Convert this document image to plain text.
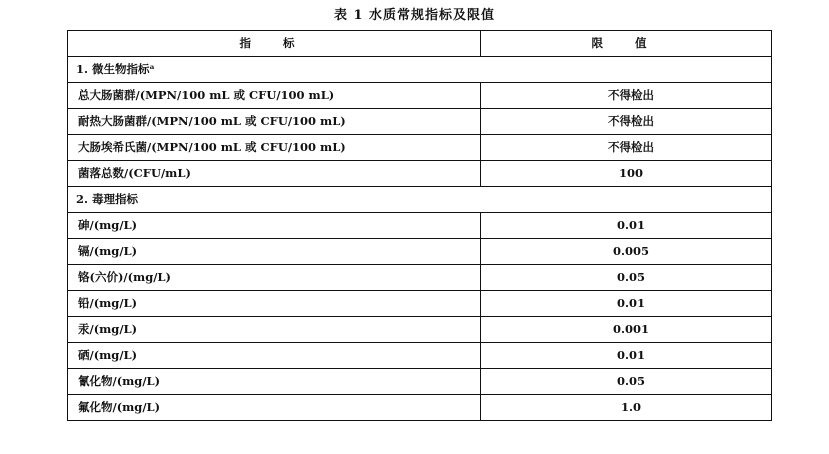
表 1 水质常规指标及限值
指 标	限 值
1. 微生物指标ᵃ	
总大肠菌群/(MPN/100 mL 或 CFU/100 mL)	不得检出
耐热大肠菌群/(MPN/100 mL 或 CFU/100 mL)	不得检出
大肠埃希氏菌/(MPN/100 mL 或 CFU/100 mL)	不得检出
菌落总数/(CFU/mL)	100
2. 毒理指标	
砷/(mg/L)	0.01
镉/(mg/L)	0.005
铬(六价)/(mg/L)	0.05
铅/(mg/L)	0.01
汞/(mg/L)	0.001
硒/(mg/L)	0.01
氰化物/(mg/L)	0.05
氟化物/(mg/L)	1.0
